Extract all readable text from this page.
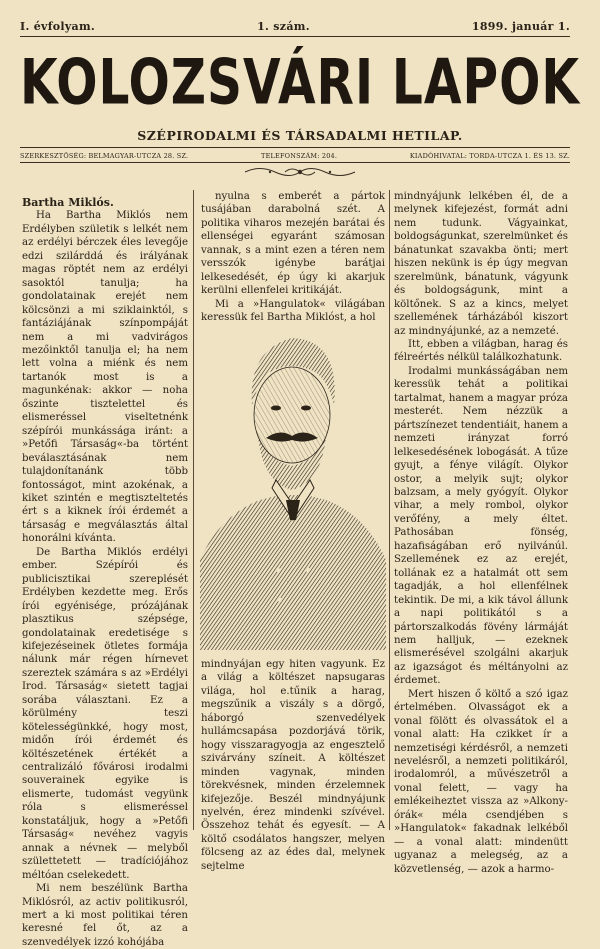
I. évfolyam.	1. szám.	1899. január 1.
KOLOZSVÁRI LAPOK
SZÉPIRODALMI ÉS TÁRSADALMI HETILAP.
SZERKESZTŐSÉG: BELMAGYAR-UTCZA 28. SZ.	TELEFONSZÁM: 204.	KIADÓHIVATAL: TORDA-UTCZA 1. ÉS 13. SZ.

Bartha Miklós.

Ha Bartha Miklós nem Erdélyben születik s lelkét nem az erdélyi bérczek éles levegője edzi szilárddá és irályának magas röptét nem az erdélyi sasoktól tanulja; ha gondolatainak erejét nem kölcsönzi a mi sziklainktól, s fantáziájának színpompáját nem a mi vadvirágos mezőinktől tanulja el; ha nem lett volna a miénk és nem tartanók most is a magunkénak: akkor — noha őszinte tisztelettel és elismeréssel viseltetnénk szépírói munkássága iránt: a »Petőfi Társaság«-ba történt beválasztásának nem tulajdonítanánk több fontosságot, mint azokénak, a kiket szintén e megtiszteltetés ért s a kiknek írói érdemét a társaság e megválasztás által honorálni kívánta.

De Bartha Miklós erdélyi ember. Szépírói és publicisztikai szereplését Erdélyben kezdette meg. Erős írói egyénisége, prózájának plasztikus szépsége, gondolatainak eredetisége s kifejezéseinek ötletes formája nálunk már régen hírnevet szereztek számára s az »Erdélyi Irod. Társaság« sietett tagjai sorába választani. Ez a körülmény teszi kötelességünkké, hogy most, midőn írói érdemét és költészetének értékét a centralizáló fővárosi irodalmi souverainek egyike is elismerte, tudomást vegyünk róla s elismeréssel konstatáljuk, hogy a »Petőfi Társaság« nevéhez vagyis annak a névnek — melyből születtetett — tradíciójához méltóan cselekedett.

Mi nem beszélünk Bartha Miklósról, az activ politikusról, mert a ki most politikai téren keresné fel őt, az a szenvedélyek izzó kohójába

nyulna s emberét a pártok tusájában darabolná szét. A politika viharos mezején barátai és ellenségei egyaránt számosan vannak, s a mint ezen a téren nem versszók igénybe barátjai lelkesedését, ép úgy ki akarjuk kerülni ellenfelei kritikáját.

Mi a »Hangulatok« világában keressük fel Bartha Miklóst, a hol

mindnyájan egy hiten vagyunk. Ez a világ a költészet napsugaras világa, hol e.tűnik a harag, megszűnik a viszály s a dörgő, háborgó szenvedélyek hullámcsapása pozdorjává törik, hogy visszaragyogja az engesztelő szivárvány színeit. A költészet minden vagynak, minden törekvésnek, minden érzelemnek kifejezője. Beszél mindnyájunk nyelvén, érez mindenki szívével. Összehoz tehát és egyesít. — A költő csodálatos hangszer, melyen fölcseng az az édes dal, melynek sejtelme

mindnyájunk lelkében él, de a melynek kifejezést, formát adni nem tudunk. Vágyainkat, boldogságunkat, szerelmünket és bánatunkat szavakba önti; mert hiszen nekünk is ép úgy megvan szerelmünk, bánatunk, vágyunk és boldogságunk, mint a költőnek. S az a kincs, melyet szellemének tárházából kiszort az mindnyájunké, az a nemzeté.

Itt, ebben a világban, harag és félreértés nélkül találkozhatunk.

Irodalmi munkásságában nem keressük tehát a politikai tartalmat, hanem a magyar próza mesterét. Nem nézzük a pártszínezet tendentiáit, hanem a nemzeti irányzat forró lelkesedésének lobogását. A tűze gyujt, a fénye világít. Olykor ostor, a melyik sujt; olykor balzsam, a mely gyógyít. Olykor vihar, a mely rombol, olykor verőfény, a mely éltet. Pathosában fönség, hazafiságában erő nyilvánúl. Szellemének ez az erejét, tollának ez a hatalmát ott sem tagadják, a hol ellenfélnek tekintik. De mi, a kik távol állunk a napi politikától s a pártorszalkodás fövény lármáját nem halljuk, — ezeknek elismerésével szolgálni akarjuk az igazságot és méltányolni az érdemet.

Mert hiszen ő költő a szó igaz értelmében. Olvasságot ek a vonal fölött és olvassátok el a vonal alatt: Ha czikket ír a nemzetiségi kérdésről, a nemzeti nevelésről, a nemzeti politikáról, irodalomról, a művészetről a vonal felett, — vagy ha emlékeiheztet visszа az »Alkony-órák« méla csendjében s »Hangulatok« fakadnak lelkéből — a vonal alatt: mindenütt ugyanaz a melegség, az a közvetlenség, — azok a harmo-
